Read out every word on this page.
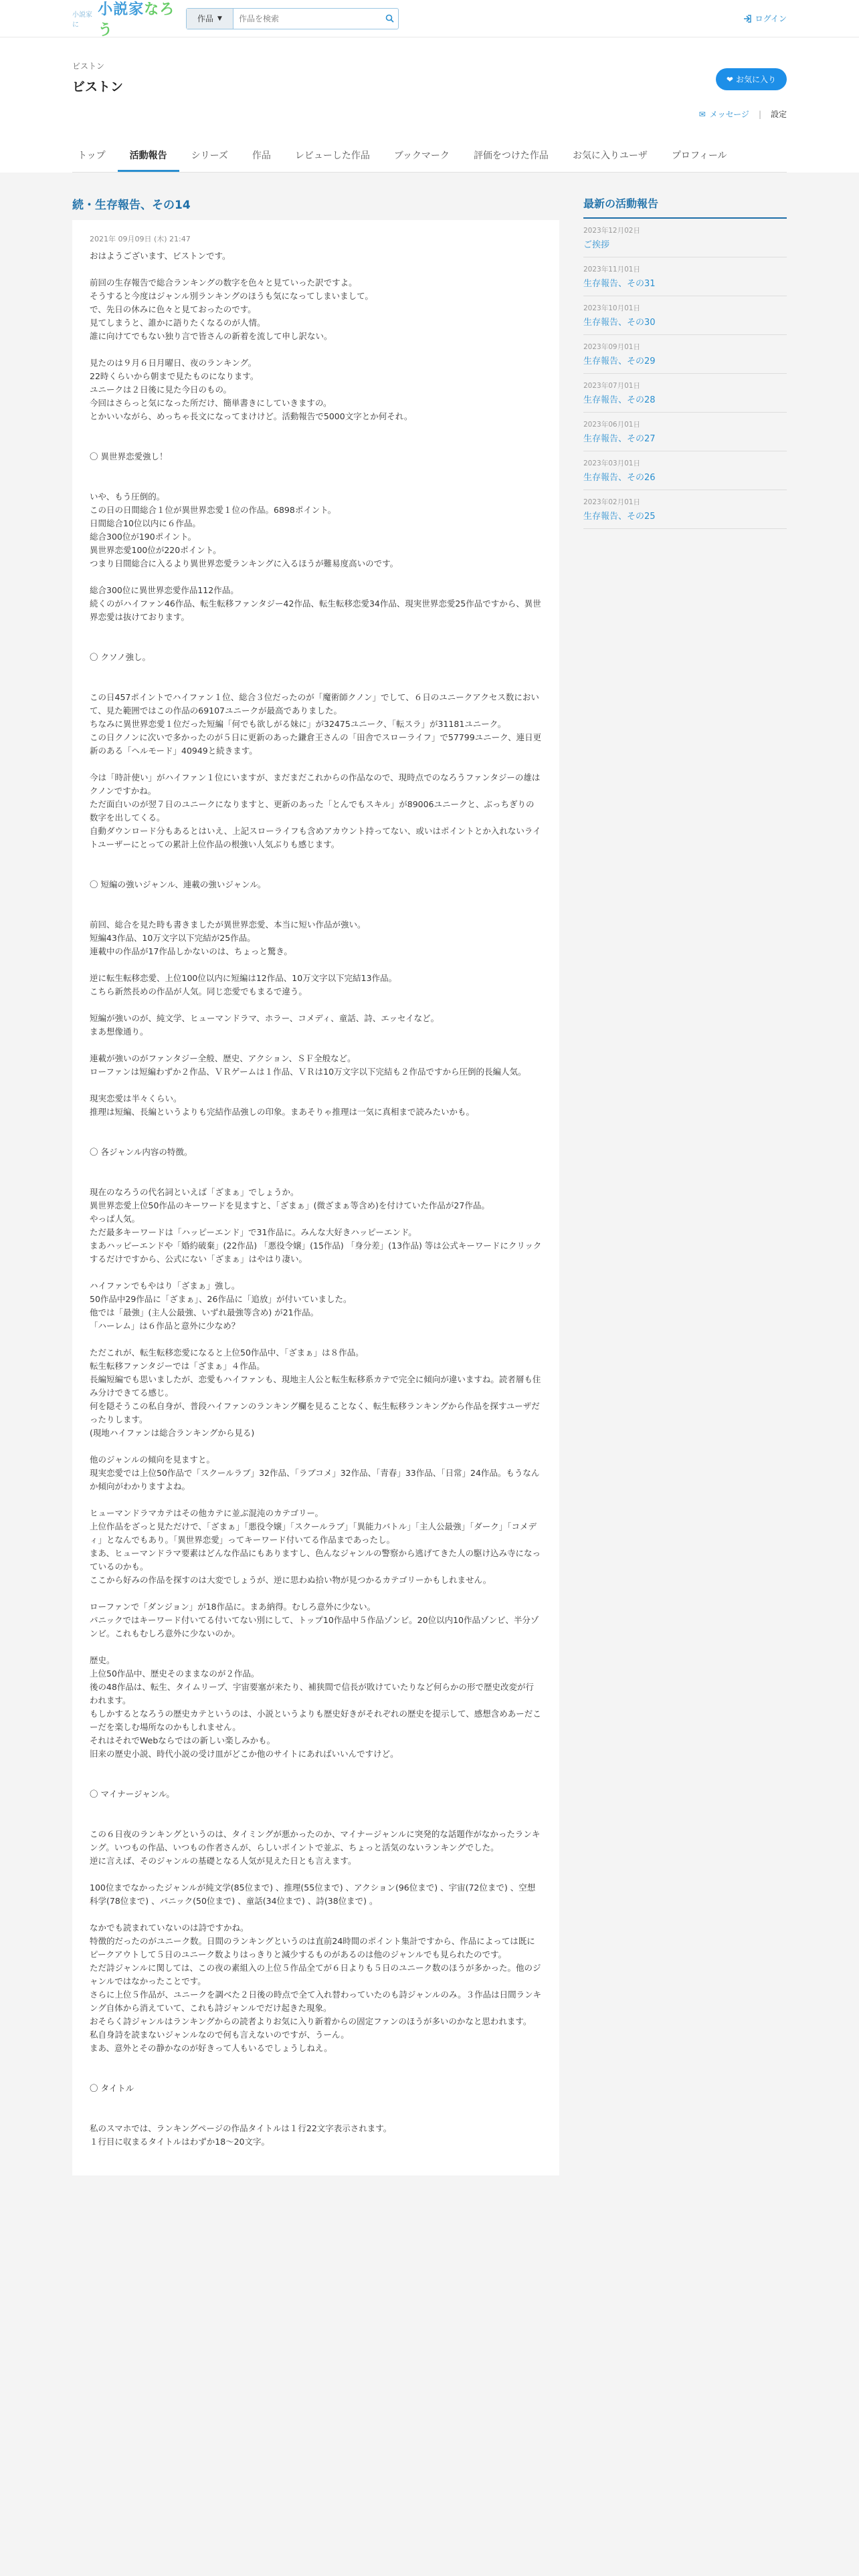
小説家に
小説家なろう
作品 ▼
作品を検索	ログイン
ビストン
ビストン
❤ お気に入り
✉ メッセージ | 設定
トップ	活動報告	シリーズ	作品	レビューした作品	ブックマーク	評価をつけた作品	お気に入りユーザ	プロフィール
続・生存報告、その14
2021年 09月09日 (木) 21:47

おはようございます、ビストンです。

前回の生存報告で総合ランキングの数字を色々と見ていった訳ですよ。

そうすると今度はジャンル別ランキングのほうも気になってしまいまして。

で、先日の休みに色々と見ておったのです。

見てしまうと、誰かに語りたくなるのが人情。

誰に向けてでもない独り言で皆さんの新着を流して申し訳ない。

見たのは９月６日月曜日、夜のランキング。

22時くらいから朝まで見たものになります。

ユニークは２日後に見た今日のもの。

今回はさらっと気になった所だけ、簡単書きにしていきますの。

とかいいながら、めっちゃ長文になってまけけど。活動報告で5000文字とか何それ。

〇 異世界恋愛強し！

いや、もう圧倒的。

この日の日間総合１位が異世界恋愛１位の作品。6898ポイント。

日間総合10位以内に６作品。

総合300位が190ポイント。

異世界恋愛100位が220ポイント。

つまり日間総合に入るより異世界恋愛ランキングに入るほうが難易度高いのです。

総合300位に異世界恋愛作品112作品。

続くのがハイファン46作品、転生転移ファンタジー42作品、転生転移恋愛34作品、現実世界恋愛25作品ですから、異世界恋愛は抜けております。

〇 クソノ強し。

この日457ポイントでハイファン１位、総合３位だったのが「魔術師クノン」でして、６日のユニークアクセス数において、見た範囲ではこの作品の69107ユニークが最高でありました。

ちなみに異世界恋愛１位だった短編「何でも欲しがる妹に」が32475ユニーク、「転スラ」が31181ユニーク。

この日クノンに次いで多かったのが５日に更新のあった鎌倉王さんの「田舎でスローライフ」で57799ユニーク、連日更新のある「ヘルモード」40949と続きます。

今は「時計使い」がハイファン１位にいますが、まだまだこれからの作品なので、現時点でのなろうファンタジーの雄はクノンですかね。

ただ面白いのが翌７日のユニークになりますと、更新のあった「とんでもスキル」が89006ユニークと、ぶっちぎりの数字を出してくる。

自動ダウンロード分もあるとはいえ、上記スローライフも含めアカウント持ってない、或いはポイントとか入れないライトユーザーにとっての累計上位作品の根強い人気ぶりも感じます。

〇 短編の強いジャンル、連載の強いジャンル。

前回、総合を見た時も書きましたが異世界恋愛、本当に短い作品が強い。

短編43作品、10万文字以下完結が25作品。

連載中の作品が17作品しかないのは、ちょっと驚き。

逆に転生転移恋愛、上位100位以内に短編は12作品、10万文字以下完結13作品。

こちら新然長めの作品が人気。同じ恋愛でもまるで違う。

短編が強いのが、純文学、ヒューマンドラマ、ホラー、コメディ、童話、詩、エッセイなど。

まあ想像通り。

連載が強いのがファンタジー全般、歴史、アクション、ＳＦ全般など。

ローファンは短編わずか２作品、ＶＲゲームは１作品、ＶＲは10万文字以下完結も２作品ですから圧倒的長編人気。

現実恋愛は半々くらい。

推理は短編、長編というよりも完結作品強しの印象。まあそりゃ推理は一気に真相まで読みたいかも。

〇 各ジャンル内容の特徴。

現在のなろうの代名詞といえば「ざまぁ」でしょうか。

異世界恋愛上位50作品のキーワードを見ますと、「ざまぁ」(微ざまぁ等含め)を付けていた作品が27作品。

やっぱ人気。

ただ最多キーワードは「ハッピーエンド」で31作品に。みんな大好きハッピーエンド。

まあハッピーエンドや「婚約破棄」(22作品) 「悪役令嬢」(15作品) 「身分差」(13作品) 等は公式キーワードにクリックするだけですから、公式にない「ざまぁ」はやはり凄い。

ハイファンでもやはり「ざまぁ」強し。

50作品中29作品に「ざまぁ」、26作品に「追放」が付いていました。

他では「最強」(主人公最強、いずれ最強等含め) が21作品。

「ハーレム」は６作品と意外に少なめ？

ただこれが、転生転移恋愛になると上位50作品中、「ざまぁ」は８作品。

転生転移ファンタジーでは「ざまぁ」４作品。

長編短編でも思いましたが、恋愛もハイファンも、現地主人公と転生転移系カテで完全に傾向が違いますね。読者層も住み分けできてる感じ。

何を隠そうこの私自身が、普段ハイファンのランキング欄を見ることなく、転生転移ランキングから作品を探すユーザだったりします。

(現地ハイファンは総合ランキングから見る)

他のジャンルの傾向を見ますと。

現実恋愛では上位50作品で「スクールラブ」32作品、「ラブコメ」32作品、「青春」33作品、「日常」24作品。もうなんか傾向がわかりますよね。

ヒューマンドラマカテはその他カテに並ぶ混沌のカテゴリー。

上位作品をざっと見ただけで、「ざまぁ」「悪役令嬢」「スクールラブ」「異能力バトル」「主人公最強」「ダーク」「コメディ」となんでもあり。「異世界恋愛」ってキーワード付いてる作品まであったし。

まあ、ヒューマンドラマ要素はどんな作品にもありますし、色んなジャンルの警察から逃げてきた人の駆け込み寺になっているのかも。

ここから好みの作品を探すのは大変でしょうが、逆に思わぬ拾い物が見つかるカテゴリーかもしれません。

ローファンで「ダンジョン」が18作品に。まあ納得。むしろ意外に少ない。

パニックではキーワード付いてる付いてない別にして、トップ10作品中５作品ゾンビ。20位以内10作品ゾンビ、半分ゾンビ。これもむしろ意外に少ないのか。

歴史。

上位50作品中、歴史そのままなのが２作品。

後の48作品は、転生、タイムリープ、宇宙要塞が来たり、補狭間で信長が敗けていたりなど何らかの形で歴史改変が行われます。

もしかするとなろうの歴史カテというのは、小説というよりも歴史好きがそれぞれの歴史を提示して、感想含めあーだこーだを楽しむ場所なのかもしれません。

それはそれでWebならではの新しい楽しみかも。

旧来の歴史小説、時代小説の受け皿がどこか他のサイトにあればいいんですけど。

〇 マイナージャンル。

この６日夜のランキングというのは、タイミングが悪かったのか、マイナージャンルに突発的な話題作がなかったランキング。いつもの作品、いつもの作者さんが、らしいポイントで並ぶ、ちょっと活気のないランキングでした。

逆に言えば、そのジャンルの基礎となる人気が見えた日とも言えます。

100位までなかったジャンルが純文学(85位まで) 、推理(55位まで) 、アクション(96位まで) 、宇宙(72位まで) 、空想科学(78位まで) 、パニック(50位まで) 、童話(34位まで) 、詩(38位まで) 。

なかでも読まれていないのは詩ですかね。

特徴的だったのがユニーク数。日間のランキングというのは直前24時間のポイント集計ですから、作品によっては既にピークアウトして５日のユニーク数よりはっきりと減少するものがあるのは他のジャンルでも見られたのです。

ただ詩ジャンルに関しては、この夜の素組入の上位５作品全てが６日よりも５日のユニーク数のほうが多かった。他のジャンルではなかったことです。

さらに上位５作品が、ユニークを調べた２日後の時点で全て入れ替わっていたのも詩ジャンルのみ。３作品は日間ランキング自体から消えていて、これも詩ジャンルでだけ起きた現象。

おそらく詩ジャンルはランキングからの読者よりお気に入り新着からの固定ファンのほうが多いのかなと思われます。

私自身詩を読まないジャンルなので何も言えないのですが、うーん。

まあ、意外とその静かなのが好きって人もいるでしょうしねえ。

〇 タイトル

私のスマホでは、ランキングページの作品タイトルは１行22文字表示されます。

１行目に収まるタイトルはわずか18～20文字。

最新の活動報告
2023年12月02日
ご挨拶
2023年11月01日
生存報告、その31
2023年10月01日
生存報告、その30
2023年09月01日
生存報告、その29
2023年07月01日
生存報告、その28
2023年06月01日
生存報告、その27
2023年03月01日
生存報告、その26
2023年02月01日
生存報告、その25
